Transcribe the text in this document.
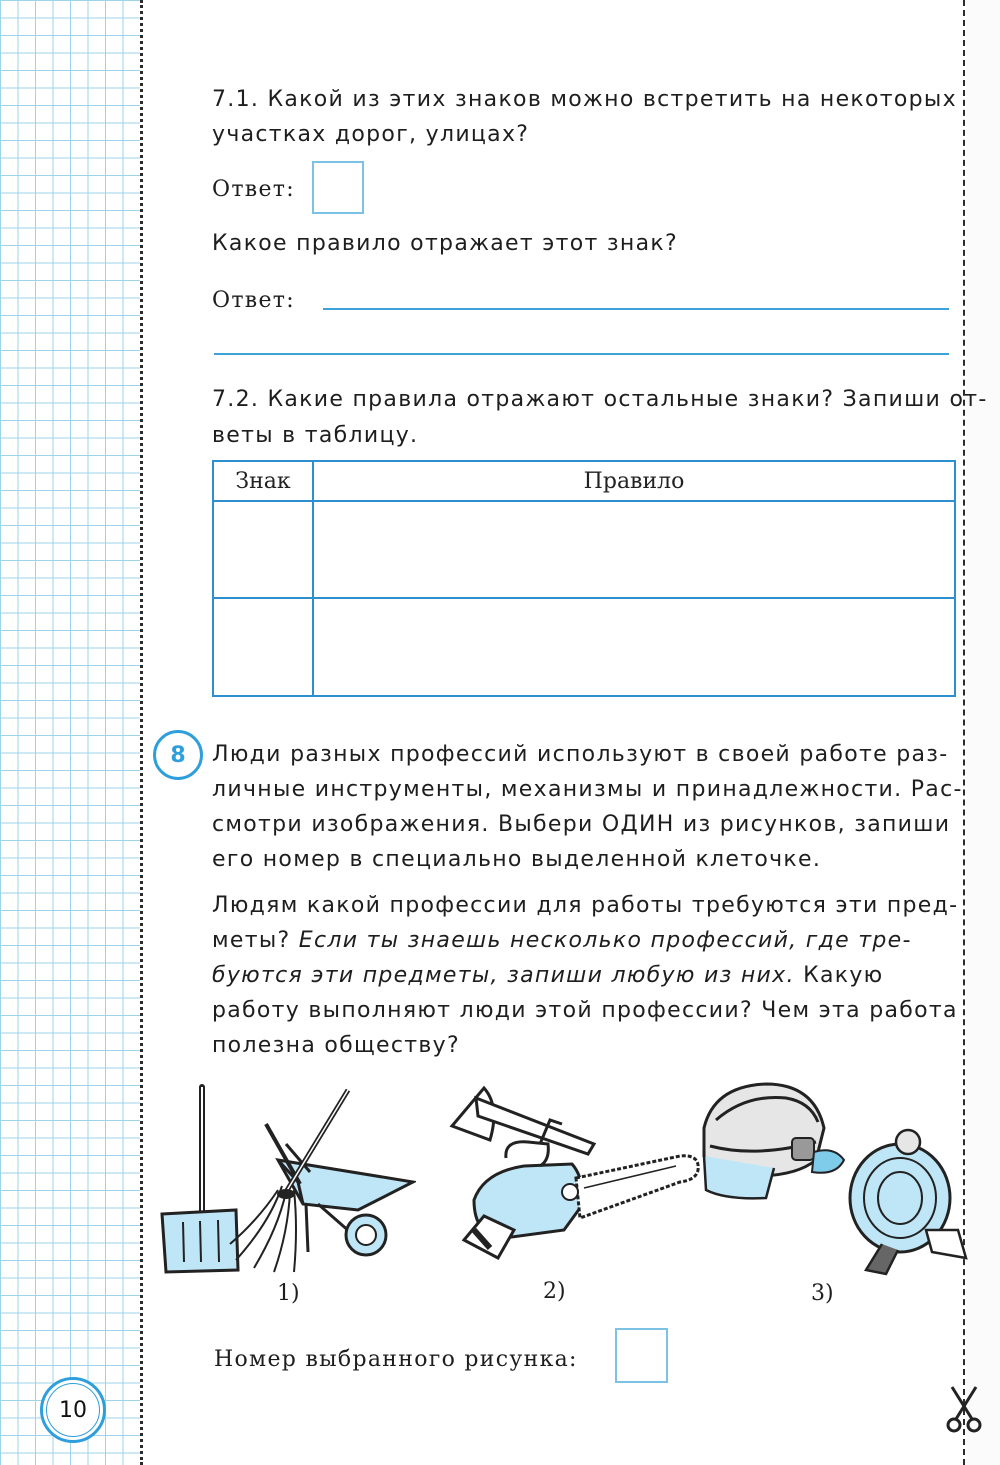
7.1. Какой из этих знаков можно встретить на некоторых
участках дорог, улицах?
Ответ:
Какое правило отражает этот знак?
Ответ:
7.2. Какие правила отражают остальные знаки? Запиши от-
веты в таблицу.
Знак	Правило

8	Люди разных профессий используют в своей работе раз-
личные инструменты, механизмы и принадлежности. Рас-
смотри изображения. Выбери ОДИН из рисунков, запиши
его номер в специально выделенной клеточке.
Людям какой профессии для работы требуются эти пред-
меты? Если ты знаешь несколько профессий, где тре-
буются эти предметы, запиши любую из них. Какую
работу выполняют люди этой профессии? Чем эта работа
полезна обществу?
1)	2)	3)
Номер выбранного рисунка:
10
